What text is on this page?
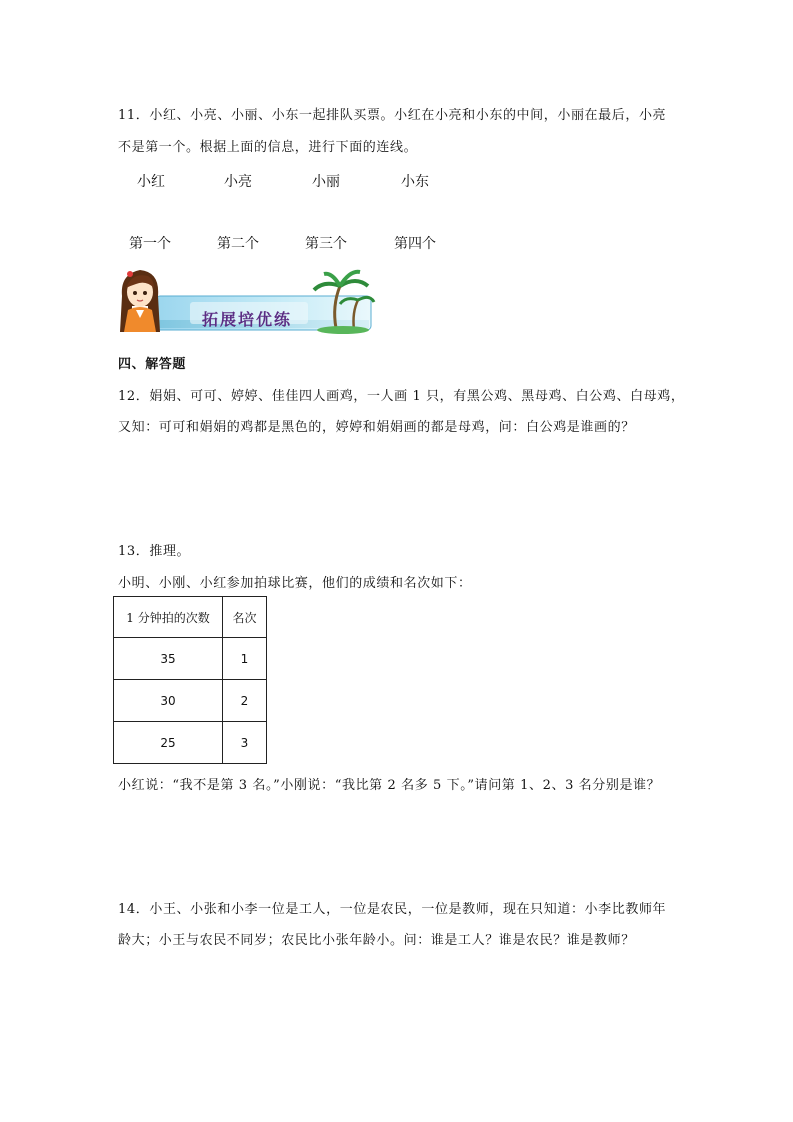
11．小红、小亮、小丽、小东一起排队买票。小红在小亮和小东的中间，小丽在最后，小亮
不是第一个。根据上面的信息，进行下面的连线。
小红	小亮	小丽	小东
第一个	第二个	第三个	第四个
拓展培优练
四、解答题
12．娟娟、可可、婷婷、佳佳四人画鸡，一人画 1 只，有黑公鸡、黑母鸡、白公鸡、白母鸡，
又知：可可和娟娟的鸡都是黑色的，婷婷和娟娟画的都是母鸡，问：白公鸡是谁画的？
13．推理。
小明、小刚、小红参加拍球比赛，他们的成绩和名次如下：
1 分钟拍的次数	名次
35	1
30	2
25	3
小红说：“我不是第 3 名。”小刚说：“我比第 2 名多 5 下。”请问第 1、2、3 名分别是谁？
14．小王、小张和小李一位是工人，一位是农民，一位是教师，现在只知道：小李比教师年
龄大；小王与农民不同岁；农民比小张年龄小。问：谁是工人？谁是农民？谁是教师？
